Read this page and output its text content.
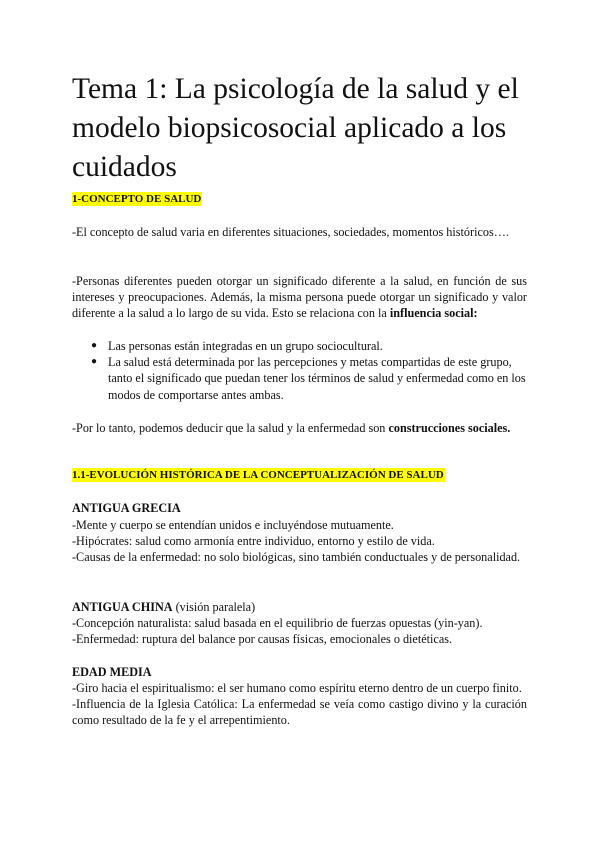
Tema 1: La psicología de la salud y el modelo biopsicosocial aplicado a los cuidados
1-CONCEPTO DE SALUD

-El concepto de salud varia en diferentes situaciones, sociedades, momentos históricos….

-Personas diferentes pueden otorgar un significado diferente a la salud, en función de sus intereses y preocupaciones. Además, la misma persona puede otorgar un significado y valor diferente a la salud a lo largo de su vida. Esto se relaciona con la influencia social:

● Las personas están integradas en un grupo sociocultural.
● La salud está determinada por las percepciones y metas compartidas de este grupo, tanto el significado que puedan tener los términos de salud y enfermedad como en los modos de comportarse antes ambas.

-Por lo tanto, podemos deducir que la salud y la enfermedad son construcciones sociales.

1.1-EVOLUCIÓN HISTÓRICA DE LA CONCEPTUALIZACIÓN DE SALUD
ANTIGUA GRECIA

-Mente y cuerpo se entendían unidos e incluyéndose mutuamente.
-Hipócrates: salud como armonía entre individuo, entorno y estilo de vida.
-Causas de la enfermedad: no solo biológicas, sino también conductuales y de personalidad.

ANTIGUA CHINA (visión paralela)

-Concepción naturalista: salud basada en el equilibrio de fuerzas opuestas (yin-yan).
-Enfermedad: ruptura del balance por causas físicas, emocionales o dietéticas.

EDAD MEDIA

-Giro hacia el espiritualismo: el ser humano como espíritu eterno dentro de un cuerpo finito.
-Influencia de la Iglesia Católica: La enfermedad se veía como castigo divino y la curación como resultado de la fe y el arrepentimiento.
